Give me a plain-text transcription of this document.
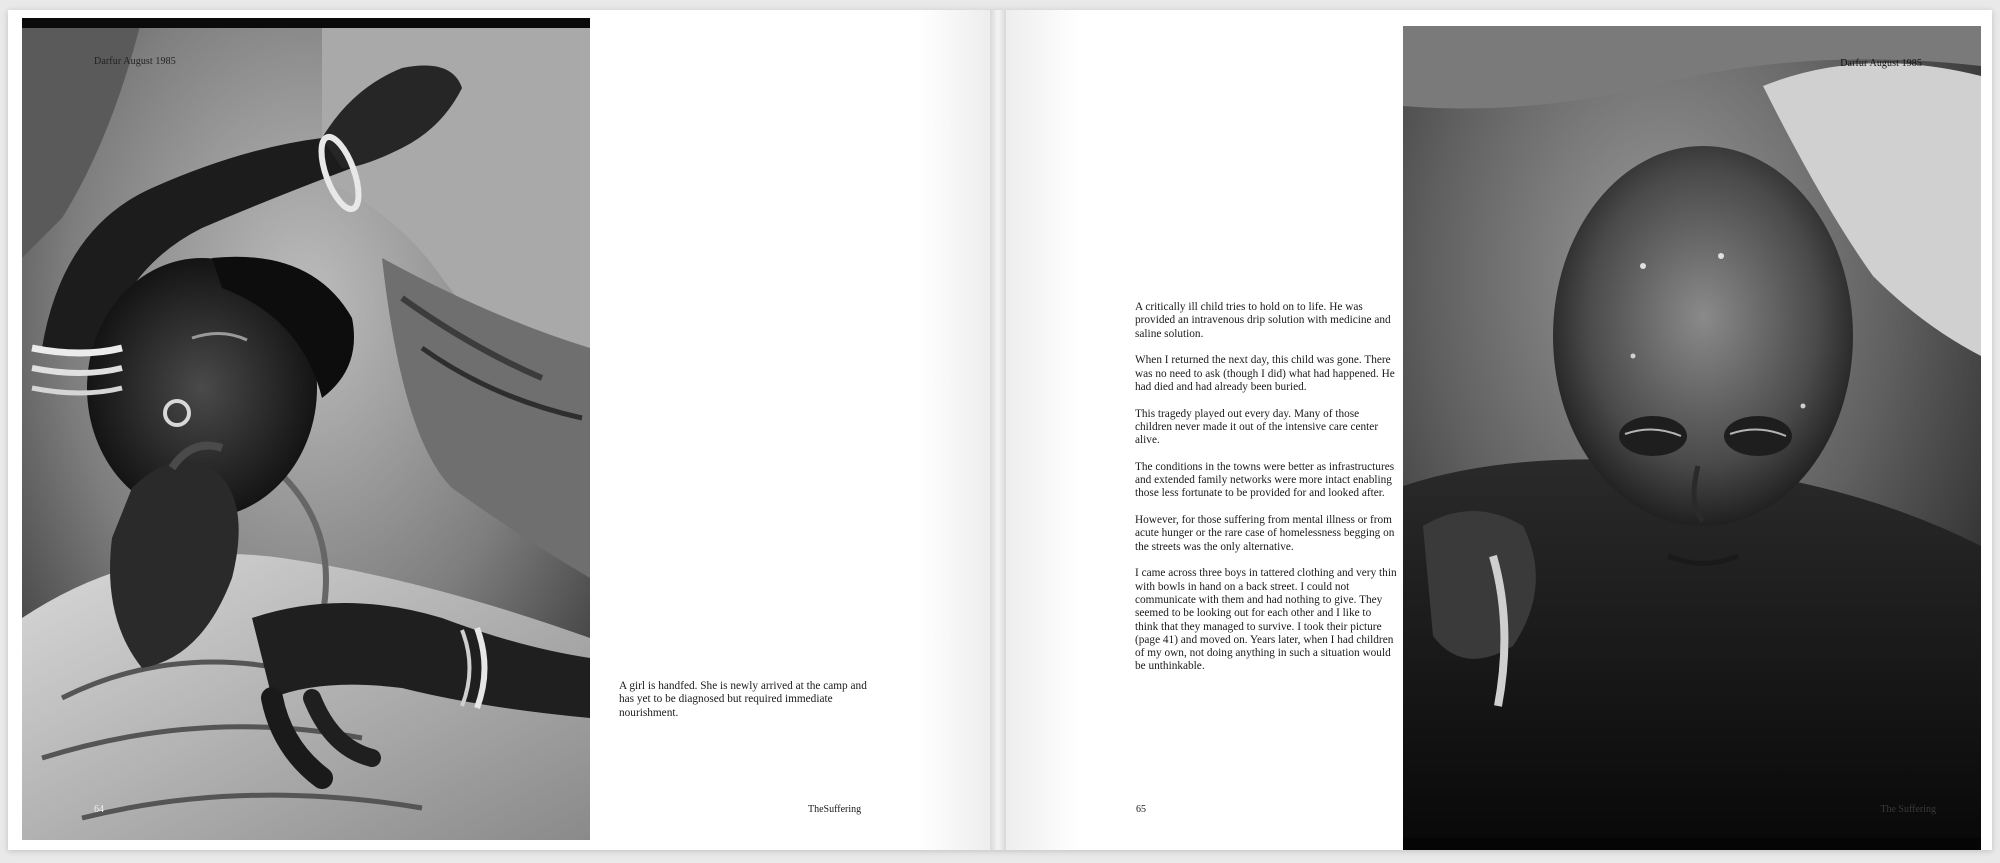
Darfur August 1985
64
A girl is handfed. She is newly arrived at the camp and has yet to be diagnosed but required immediate nourishment.
TheSuffering

A critically ill child tries to hold on to life. He was provided an intravenous drip solution with medicine and saline solution.

When I returned the next day, this child was gone. There was no need to ask (though I did) what had happened. He had died and had already been buried.

This tragedy played out every day. Many of those children never made it out of the intensive care center alive.

The conditions in the towns were better as infrastructures and extended family networks were more intact enabling those less fortunate to be provided for and looked after.

However, for those suffering from mental illness or from acute hunger or the rare case of homelessness begging on the streets was the only alternative.

I came across three boys in tattered clothing and very thin with bowls in hand on a back street. I could not communicate with them and had nothing to give. They seemed to be looking out for each other and I like to think that they managed to survive. I took their picture (page 41) and moved on. Years later, when I had children of my own, not doing anything in such a situation would be unthinkable.

65
Darfur August 1985
The Suffering
